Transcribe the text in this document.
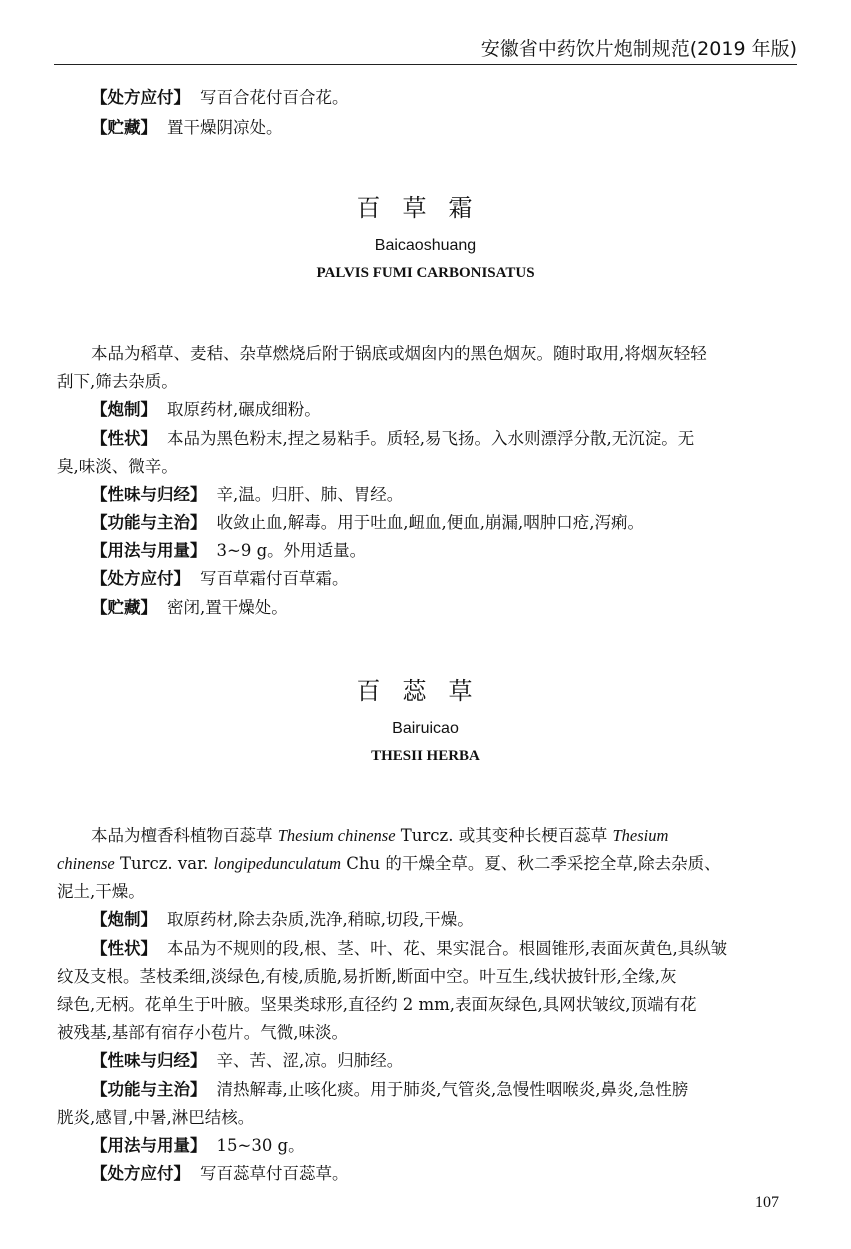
安徽省中药饮片炮制规范(2019 年版)
【处方应付】 写百合花付百合花。
【贮藏】 置干燥阴凉处。
百草霜
Baicaoshuang
PALVIS FUMI CARBONISATUS
本品为稻草、麦秸、杂草燃烧后附于锅底或烟囱内的黑色烟灰。随时取用,将烟灰轻轻
刮下,筛去杂质。
【炮制】 取原药材,碾成细粉。
【性状】 本品为黑色粉末,捏之易粘手。质轻,易飞扬。入水则漂浮分散,无沉淀。无
臭,味淡、微辛。
【性味与归经】 辛,温。归肝、肺、胃经。
【功能与主治】 收敛止血,解毒。用于吐血,衄血,便血,崩漏,咽肿口疮,泻痢。
【用法与用量】 3~9 g。外用适量。
【处方应付】 写百草霜付百草霜。
【贮藏】 密闭,置干燥处。
百蕊草
Bairuicao
THESII HERBA
本品为檀香科植物百蕊草 Thesium chinense Turcz. 或其变种长梗百蕊草 Thesium
chinense Turcz. var. longipedunculatum Chu 的干燥全草。夏、秋二季采挖全草,除去杂质、
泥土,干燥。
【炮制】 取原药材,除去杂质,洗净,稍晾,切段,干燥。
【性状】 本品为不规则的段,根、茎、叶、花、果实混合。根圆锥形,表面灰黄色,具纵皱
纹及支根。茎枝柔细,淡绿色,有棱,质脆,易折断,断面中空。叶互生,线状披针形,全缘,灰
绿色,无柄。花单生于叶腋。坚果类球形,直径约 2 mm,表面灰绿色,具网状皱纹,顶端有花
被残基,基部有宿存小苞片。气微,味淡。
【性味与归经】 辛、苦、涩,凉。归肺经。
【功能与主治】 清热解毒,止咳化痰。用于肺炎,气管炎,急慢性咽喉炎,鼻炎,急性膀
胱炎,感冒,中暑,淋巴结核。
【用法与用量】 15~30 g。
【处方应付】 写百蕊草付百蕊草。
107
